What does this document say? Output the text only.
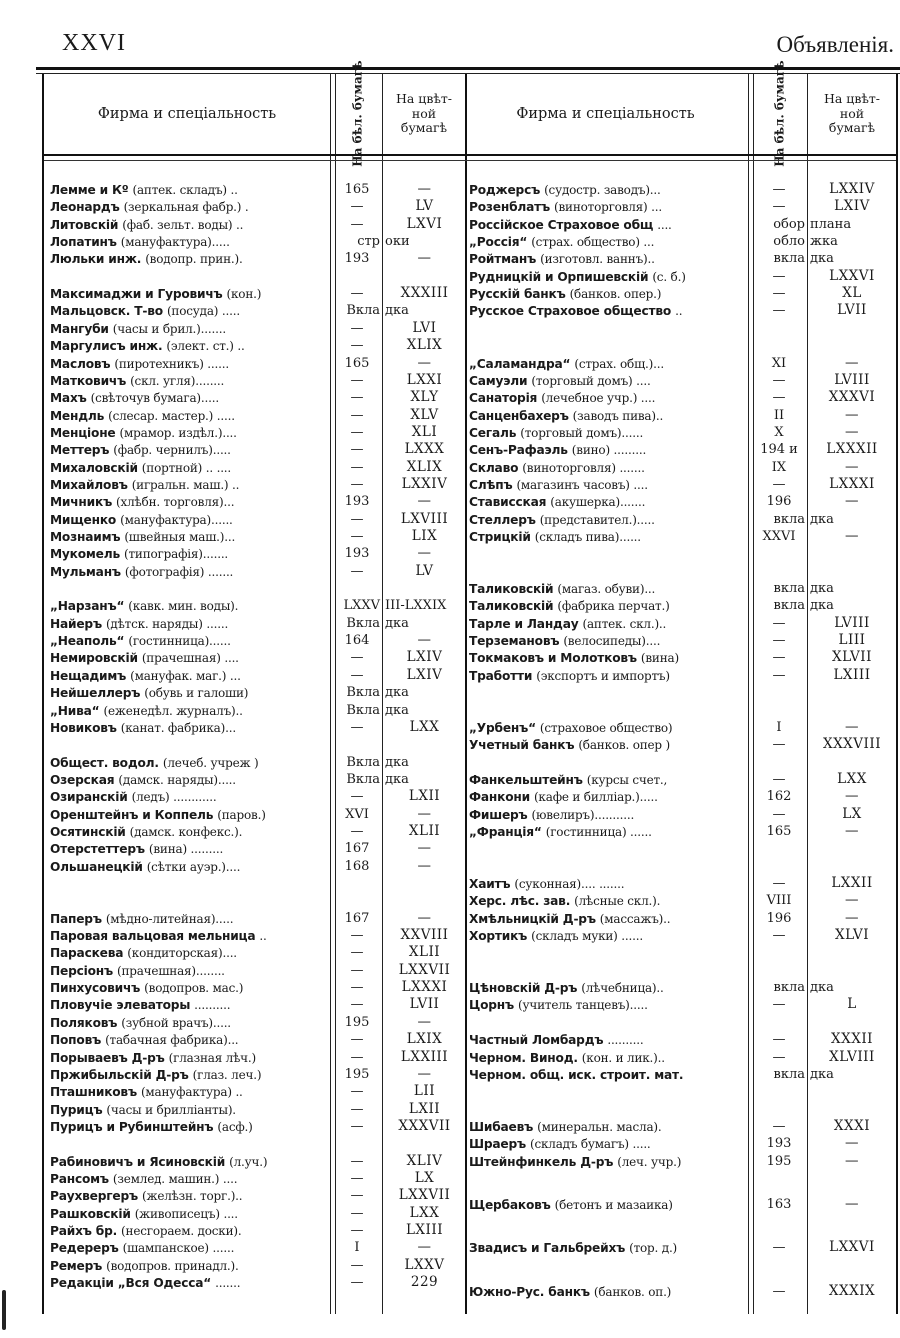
XXVI	Объявленія.
Фирма и спеціальность	На бѣл. бумагѣ	На цвѣт-
ной
бумагѣ
Лемме и Кº (аптек. складъ) ..	165	—
Леонардъ (зеркальная фабр.) .	—	LV
Литовскій (фаб. зельт. воды) ..	—	LXVI
Лопатинъ (мануфактура).....	стр оки
Люльки инж. (водопр. прин.).	193	—
Максимаджи и Гуровичъ (кон.)	—	XXXIII
Мальцовск. Т-во (посуда) .....	Вкла дка
Мангуби (часы и брил.).......	—	LVI
Маргулисъ инж. (элект. ст.) ..	—	XLIX
Масловъ (пиротехникъ) ......	165	—
Матковичъ (скл. угля)........	—	LXXI
Махъ (свѣточув бумага).....	—	XLY
Мендль (слесар. мастер.) .....	—	XLV
Менціоне (мрамор. издѣл.)....	—	XLI
Меттеръ (фабр. чернилъ).....	—	LXXX
Михаловскій (портной) .. ....	—	XLIX
Михайловъ (игральн. маш.) ..	—	LXXIV
Мичникъ (хлѣбн. торговля)...	193	—
Мищенко (мануфактура)......	—	LXVIII
Мознаимъ (швейныя маш.)...	—	LIX
Мукомель (типографія).......	193	—
Мульманъ (фотографія) .......	—	LV
„Нарзанъ“ (кавк. мин. воды).	LXXV III-LXXIX
Найеръ (дѣтск. наряды) ......	Вкла дка
„Неаполь“ (гостинница)......	164	—
Немировскій (прачешная) ....	—	LXIV
Нещадимъ (мануфак. маг.) ...	—	LXIV
Нейшеллеръ (обувь и галоши)	Вкла дка
„Нива“ (еженедѣл. журналъ)..	Вкла дка
Новиковъ (канат. фабрика)...	—	LXX
Общест. водол. (лечеб. учреж )	Вкла дка
Озерская (дамск. наряды).....	Вкла дка
Озиранскій (ледъ) ............	—	LXII
Оренштейнъ и Коппель (паров.)	XVI	—
Осятинскій (дамск. конфекс.).	—	XLII
Отерстеттеръ (вина) .........	167	—
Ольшанецкій (сѣтки ауэр.)....	168	—
Паперъ (мѣдно-литейная).....	167	—
Паровая вальцовая мельница ..	—	XXVIII
Параскева (кондиторская)....	—	XLII
Персіонъ (прачешная)........	—	LXXVII
Пинхусовичъ (водопров. мас.)	—	LXXXI
Пловучіе элеваторы ..........	—	LVII
Поляковъ (зубной врачъ).....	195	—
Поповъ (табачная фабрика)...	—	LXIX
Порываевъ Д-ръ (глазная лѣч.)	—	LXXIII
Пржибыльскій Д-ръ (глаз. леч.)	195	—
Пташниковъ (мануфактура) ..	—	LII
Пурицъ (часы и брилліанты).	—	LXII
Пурицъ и Рубинштейнъ (асф.)	—	XXXVII
Рабиновичъ и Ясиновскій (л.уч.)	—	XLIV
Рансомъ (землед. машин.) ....	—	LX
Раухвергеръ (желѣзн. торг.)..	—	LXXVII
Рашковскій (живописецъ) ....	—	LXX
Райхъ бр. (несгораем. доски).	—	LXIII
Редереръ (шампанское) ......	I	—
Ремеръ (водопров. принадл.).	—	LXXV
Редакціи „Вся Одесса“ .......	—	229
Фирма и спеціальность	На бѣл. бумагѣ	На цвѣт-
ной
бумагѣ
Роджерсъ (судостр. заводъ)...	—	LXXIV
Розенблатъ (виноторговля) ...	—	LXIV
Россійское Страховое общ ....	обор плана
„Россія“ (страх. общество) ...	обло жка
Ройтманъ (изготовл. ваннъ)..	вкла дка
Рудницкій и Орпишевскій (с. б.)	—	LXXVI
Русскій банкъ (банков. опер.)	—	XL
Русское Страховое общество ..	—	LVII
„Саламандра“ (страх. общ.)...	XI	—
Самуэли (торговый домъ) ....	—	LVIII
Санаторія (лечебное учр.) ....	—	XXXVI
Санценбахеръ (заводъ пива)..	II	—
Сегаль (торговый домъ)......	X	—
Сенъ-Рафаэль (вино) .........	194 и	LXXXII
Склаво (виноторговля) .......	IX	—
Слѣпъ (магазинъ часовъ) ....	—	LXXXI
Стависская (акушерка).......	196	—
Стеллеръ (представител.).....	вкла дка
Стрицкій (складъ пива)......	XXVI	—
Таликовскій (магаз. обуви)...	вкла дка
Таликовскій (фабрика перчат.)	вкла дка
Тарле и Ландау (аптек. скл.)..	—	LVIII
Терземановъ (велосипеды)....	—	LIII
Токмаковъ и Молотковъ (вина)	—	XLVII
Тработти (экспортъ и импортъ)	—	LXIII
„Урбенъ“ (страховое общество)	I	—
Учетный банкъ (банков. опер )	—	XXXVIII
Фанкельштейнъ (курсы счет.,	—	LXX
Фанкони (кафе и билліар.).....	162	—
Фишеръ (ювелиръ)...........	—	LX
„Франція“ (гостинница) ......	165	—
Хаитъ (суконная).... .......	—	LXXII
Херс. лѣс. зав. (лѣсные скл.).	VIII	—
Хмѣльницкій Д-ръ (массажъ)..	196	—
Хортикъ (складъ муки) ......	—	XLVI
Цѣновскій Д-ръ (лѣчебница)..	вкла дка
Цорнъ (учитель танцевъ).....	—	L
Частный Ломбардъ ..........	—	XXXII
Черном. Винод. (кон. и лик.)..	—	XLVIII
Черном. общ. иск. строит. мат.	вкла дка
Шибаевъ (минеральн. масла).	—	XXXI
Шраеръ (складъ бумагъ) .....	193	—
Штейнфинкель Д-ръ (леч. учр.)	195	—
Щербаковъ (бетонъ и мазаика)	163	—
Звадисъ и Гальбрейхъ (тор. д.)	—	LXXVI
Южно-Рус. банкъ (банков. оп.)	—	XXXIX
